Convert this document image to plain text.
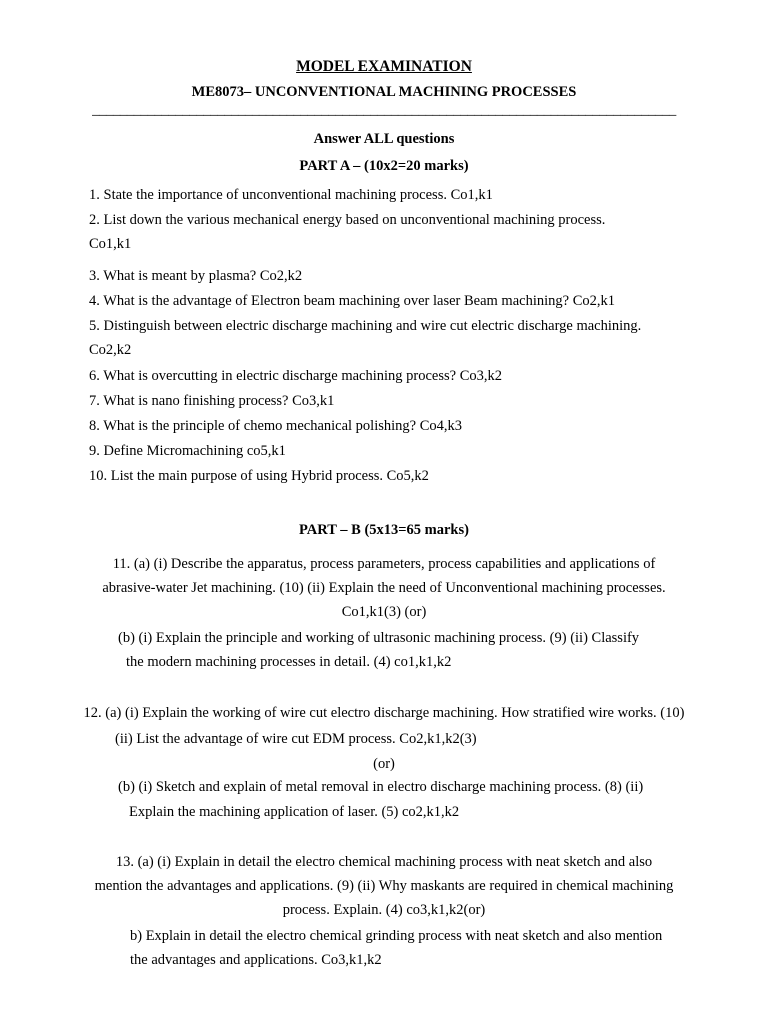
MODEL EXAMINATION
ME8073– UNCONVENTIONAL MACHINING PROCESSES
____________________________________________________________________________________
Answer ALL questions
PART A – (10x2=20 marks)
1. State the importance of unconventional machining process. Co1,k1
2. List down the various mechanical energy based on unconventional machining process.
Co1,k1
3. What is meant by plasma? Co2,k2
4. What is the advantage of Electron beam machining over laser Beam machining? Co2,k1
5. Distinguish between electric discharge machining and wire cut electric discharge machining.
Co2,k2
6. What is overcutting in electric discharge machining process? Co3,k2
7. What is nano finishing process? Co3,k1
8. What is the principle of chemo mechanical polishing? Co4,k3
9. Define Micromachining co5,k1
10. List the main purpose of using Hybrid process. Co5,k2
PART – B (5x13=65 marks)
11. (a) (i) Describe the apparatus, process parameters, process capabilities and applications of
abrasive-water Jet machining. (10) (ii) Explain the need of Unconventional machining processes.
Co1,k1(3) (or)
(b) (i) Explain the principle and working of ultrasonic machining process. (9) (ii) Classify
the modern machining processes in detail. (4) co1,k1,k2
12. (a) (i) Explain the working of wire cut electro discharge machining. How stratified wire works. (10)
(ii) List the advantage of wire cut EDM process. Co2,k1,k2(3)
(or)
(b) (i) Sketch and explain of metal removal in electro discharge machining process. (8) (ii)
Explain the machining application of laser. (5) co2,k1,k2
13. (a) (i) Explain in detail the electro chemical machining process with neat sketch and also
mention the advantages and applications. (9) (ii) Why maskants are required in chemical machining
process. Explain. (4) co3,k1,k2(or)
b) Explain in detail the electro chemical grinding process with neat sketch and also mention
the advantages and applications. Co3,k1,k2
